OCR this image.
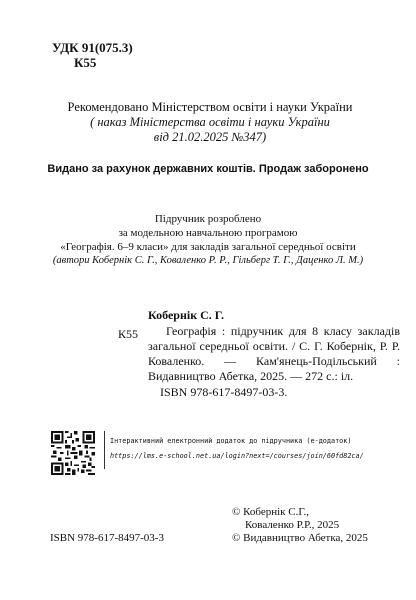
УДК 91(075.3)
К55
Рекомендовано Міністерством освіти і науки України
( наказ Міністерства освіти і науки України
від 21.02.2025 №347)
Видано за рахунок державних коштів. Продаж заборонено
Підручник розроблено
за модельною навчальною програмою
«Географія. 6–9 класи» для закладів загальної середньої освіти
(автори Кобернік С. Г., Коваленко Р. Р., Гільберг Т. Г., Даценко Л. М.)
Кобернік С. Г.
К55	Географія : підручник для 8 класу закладів загальної середньої освіти. / С. Г. Кобернік, Р. Р. Коваленко. — Кам'янець-Подільський : Видавництво Абетка, 2025. — 272 с.: іл.
ISBN 978-617-8497-03-3.
Інтерактивний електронний додаток до підручника (е-додаток)
https://lms.e-school.net.ua/login?next=/courses/join/60fd82ca/
ISBN 978-617-8497-03-3
© Кобернік С.Г.,
Коваленко Р.Р., 2025
© Видавництво Абетка, 2025
